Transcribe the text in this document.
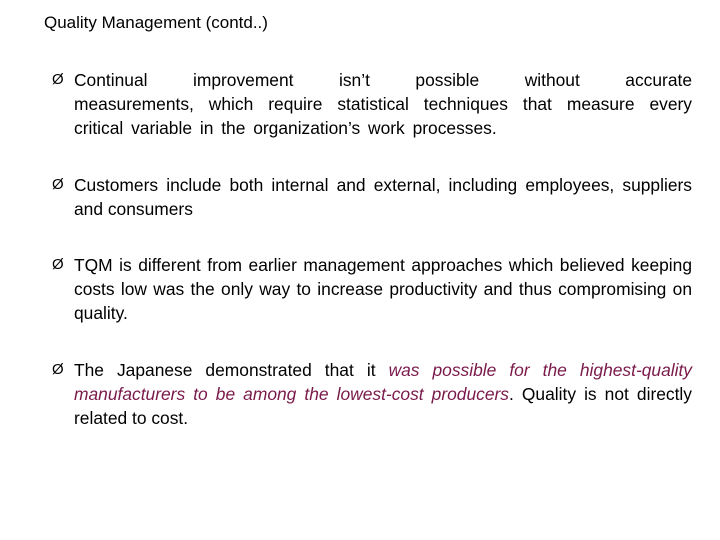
Quality Management (contd..)
Ø Continual improvement isn’t possible without accurate
measurements, which require statistical techniques that measure every critical variable in the organization’s work processes.
Ø Customers include both internal and external, including employees, suppliers and consumers
Ø TQM is different from earlier management approaches which believed keeping costs low was the only way to increase productivity and thus compromising on quality.
Ø The Japanese demonstrated that it was possible for the highest-quality manufacturers to be among the lowest-cost producers. Quality is not directly related to cost.
